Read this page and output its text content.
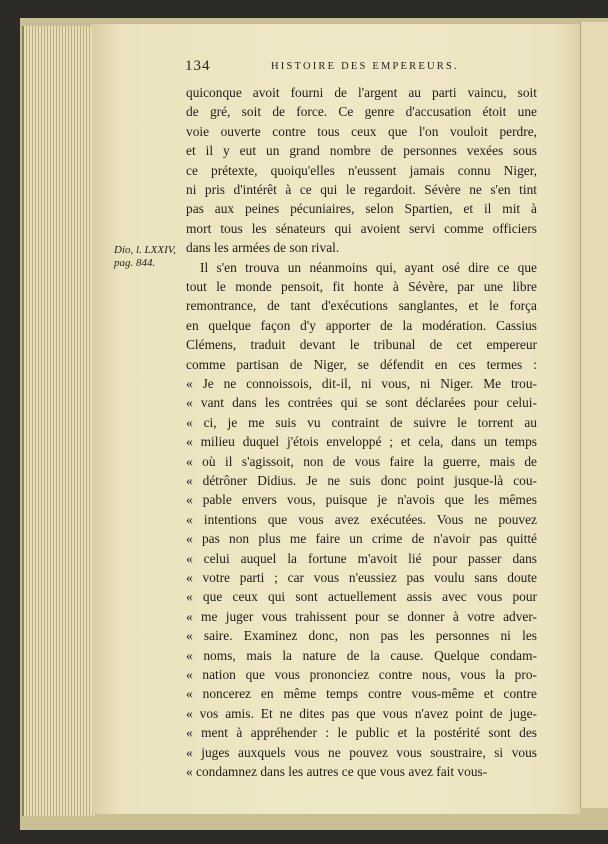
134	HISTOIRE DES EMPEREURS.
Dio, l. LXXIV,
pag. 844.
quiconque avoit fourni de l'argent au parti vaincu, soit
de gré, soit de force. Ce genre d'accusation étoit une
voie ouverte contre tous ceux que l'on vouloit perdre,
et il y eut un grand nombre de personnes vexées sous
ce prétexte, quoiqu'elles n'eussent jamais connu Niger,
ni pris d'intérêt à ce qui le regardoit. Sévère ne s'en tint
pas aux peines pécuniaires, selon Spartien, et il mit à
mort tous les sénateurs qui avoient servi comme officiers
dans les armées de son rival.
Il s'en trouva un néanmoins qui, ayant osé dire ce que
tout le monde pensoit, fit honte à Sévère, par une libre
remontrance, de tant d'exécutions sanglantes, et le força
en quelque façon d'y apporter de la modération. Cassius
Clémens, traduit devant le tribunal de cet empereur
comme partisan de Niger, se défendit en ces termes :
« Je ne connoissois, dit-il, ni vous, ni Niger. Me trou-
« vant dans les contrées qui se sont déclarées pour celui-
« ci, je me suis vu contraint de suivre le torrent au
« milieu duquel j'étois enveloppé ; et cela, dans un temps
« où il s'agissoit, non de vous faire la guerre, mais de
« détrôner Didius. Je ne suis donc point jusque-là cou-
« pable envers vous, puisque je n'avois que les mêmes
« intentions que vous avez exécutées. Vous ne pouvez
« pas non plus me faire un crime de n'avoir pas quitté
« celui auquel la fortune m'avoit lié pour passer dans
« votre parti ; car vous n'eussiez pas voulu sans doute
« que ceux qui sont actuellement assis avec vous pour
« me juger vous trahissent pour se donner à votre adver-
« saire. Examinez donc, non pas les personnes ni les
« noms, mais la nature de la cause. Quelque condam-
« nation que vous prononciez contre nous, vous la pro-
« noncerez en même temps contre vous-même et contre
« vos amis. Et ne dites pas que vous n'avez point de juge-
« ment à appréhender : le public et la postérité sont des
« juges auxquels vous ne pouvez vous soustraire, si vous
« condamnez dans les autres ce que vous avez fait vous-
